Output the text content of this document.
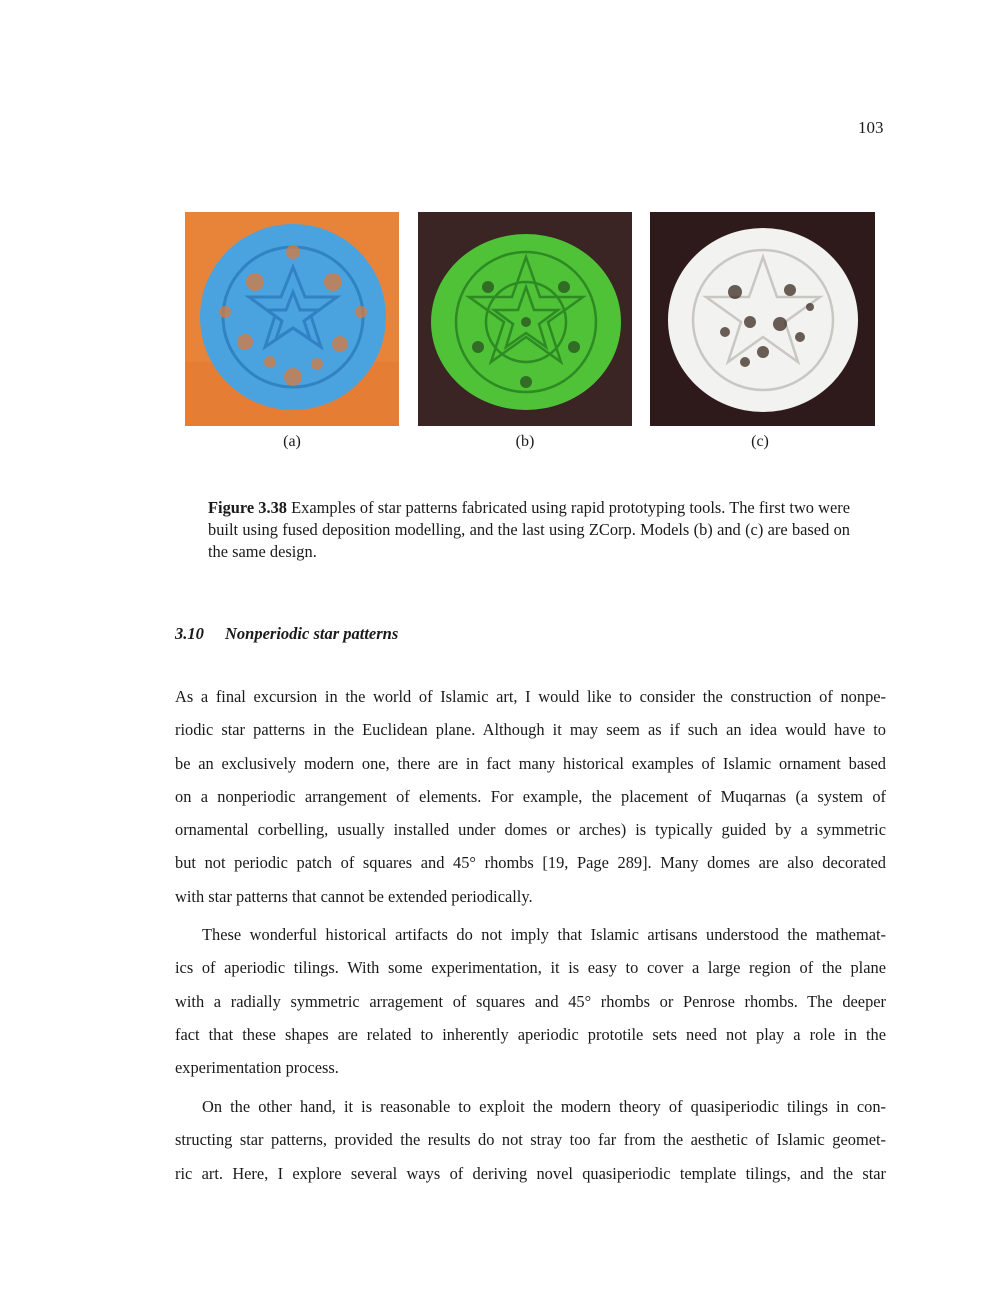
103
(a)	(b)	(c)
Figure 3.38 Examples of star patterns fabricated using rapid prototyping tools. The first two were built using fused deposition modelling, and the last using ZCorp. Models (b) and (c) are based on the same design.
3.10 Nonperiodic star patterns
As a final excursion in the world of Islamic art, I would like to consider the construction of nonpe-
riodic star patterns in the Euclidean plane. Although it may seem as if such an idea would have to
be an exclusively modern one, there are in fact many historical examples of Islamic ornament based
on a nonperiodic arrangement of elements. For example, the placement of Muqarnas (a system of
ornamental corbelling, usually installed under domes or arches) is typically guided by a symmetric
but not periodic patch of squares and 45° rhombs [19, Page 289]. Many domes are also decorated
with star patterns that cannot be extended periodically.
These wonderful historical artifacts do not imply that Islamic artisans understood the mathemat-
ics of aperiodic tilings. With some experimentation, it is easy to cover a large region of the plane
with a radially symmetric arragement of squares and 45° rhombs or Penrose rhombs. The deeper
fact that these shapes are related to inherently aperiodic prototile sets need not play a role in the
experimentation process.
On the other hand, it is reasonable to exploit the modern theory of quasiperiodic tilings in con-
structing star patterns, provided the results do not stray too far from the aesthetic of Islamic geomet-
ric art. Here, I explore several ways of deriving novel quasiperiodic template tilings, and the star
